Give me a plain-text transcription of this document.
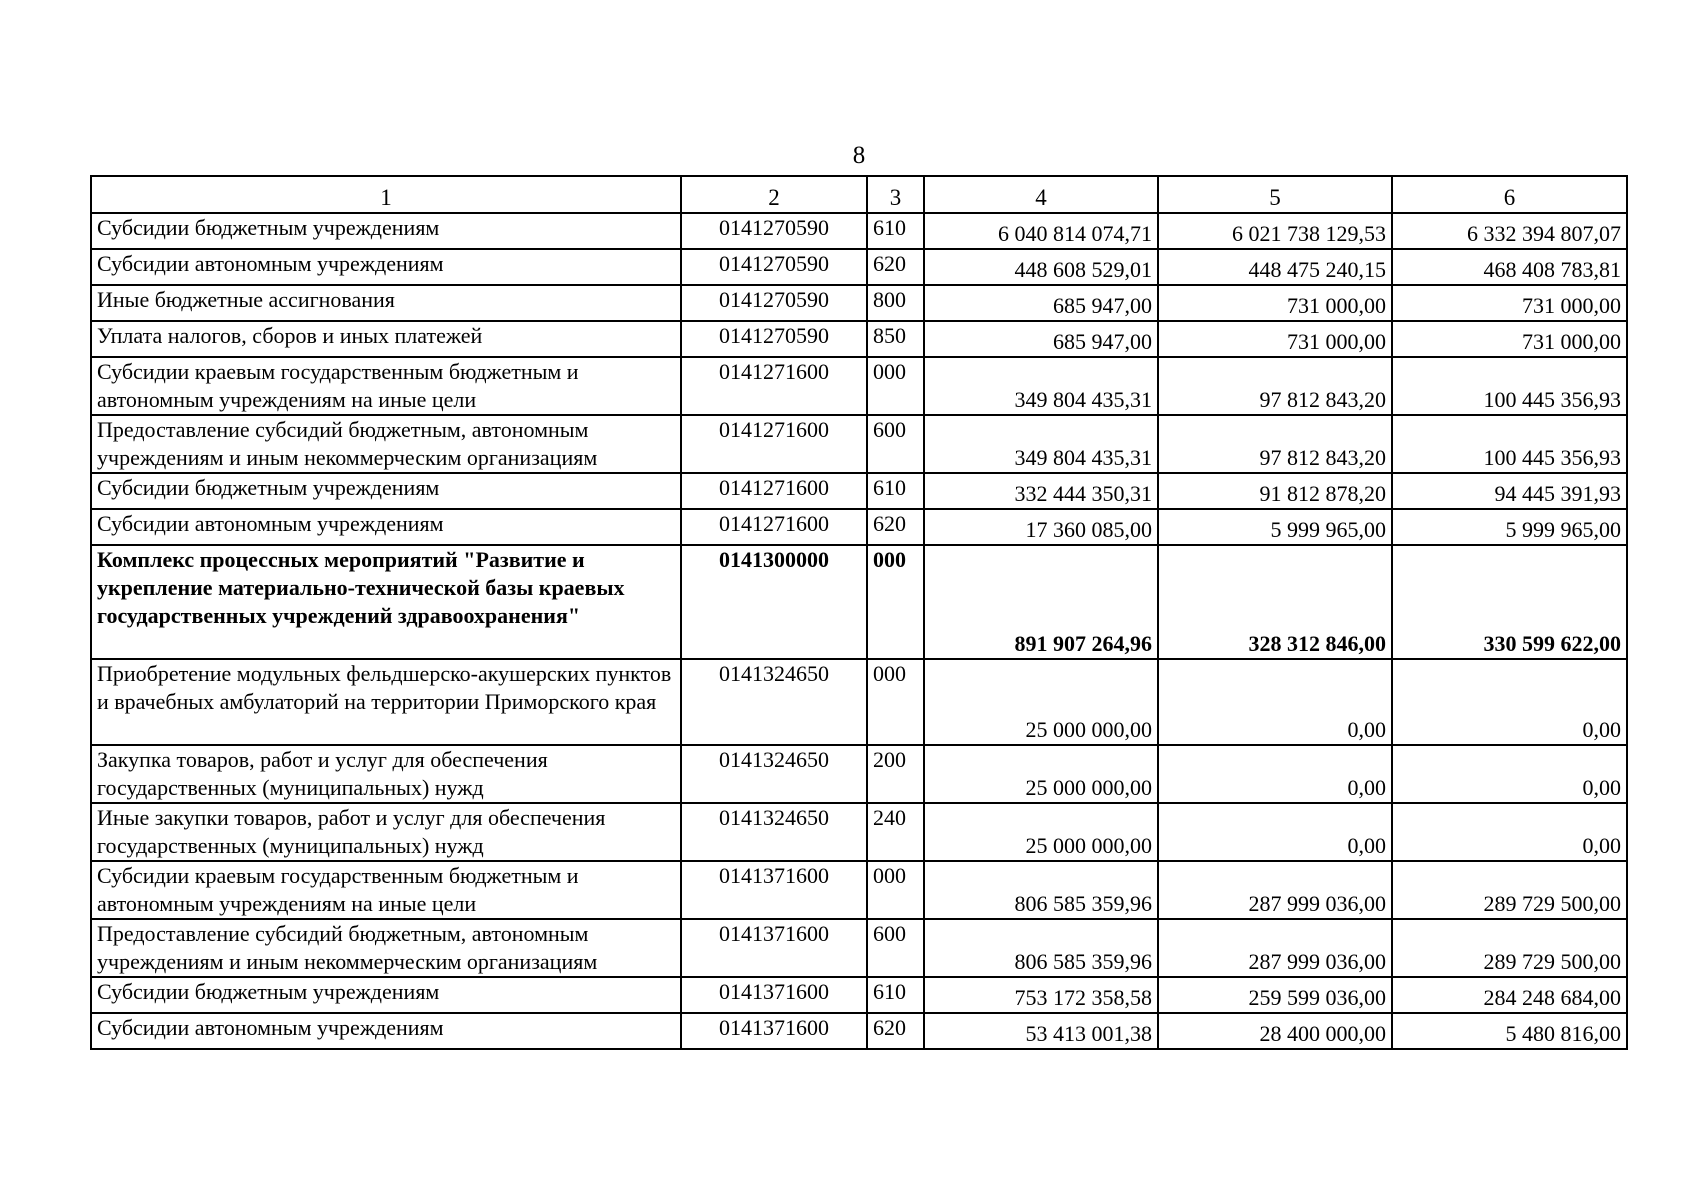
8
1	2	3	4	5	6
Субсидии бюджетным учреждениям	0141270590	610	6 040 814 074,71	6 021 738 129,53	6 332 394 807,07
Субсидии автономным учреждениям	0141270590	620	448 608 529,01	448 475 240,15	468 408 783,81
Иные бюджетные ассигнования	0141270590	800	685 947,00	731 000,00	731 000,00
Уплата налогов, сборов и иных платежей	0141270590	850	685 947,00	731 000,00	731 000,00
Субсидии краевым государственным бюджетным и автономным учреждениям на иные цели	0141271600	000	349 804 435,31	97 812 843,20	100 445 356,93
Предоставление субсидий бюджетным, автономным учреждениям и иным некоммерческим организациям	0141271600	600	349 804 435,31	97 812 843,20	100 445 356,93
Субсидии бюджетным учреждениям	0141271600	610	332 444 350,31	91 812 878,20	94 445 391,93
Субсидии автономным учреждениям	0141271600	620	17 360 085,00	5 999 965,00	5 999 965,00
Комплекс процессных мероприятий "Развитие и укрепление материально-технической базы краевых государственных учреждений здравоохранения"	0141300000	000	891 907 264,96	328 312 846,00	330 599 622,00
Приобретение модульных фельдшерско-акушерских пунктов и врачебных амбулаторий на территории Приморского края	0141324650	000	25 000 000,00	0,00	0,00
Закупка товаров, работ и услуг для обеспечения государственных (муниципальных) нужд	0141324650	200	25 000 000,00	0,00	0,00
Иные закупки товаров, работ и услуг для обеспечения государственных (муниципальных) нужд	0141324650	240	25 000 000,00	0,00	0,00
Субсидии краевым государственным бюджетным и автономным учреждениям на иные цели	0141371600	000	806 585 359,96	287 999 036,00	289 729 500,00
Предоставление субсидий бюджетным, автономным учреждениям и иным некоммерческим организациям	0141371600	600	806 585 359,96	287 999 036,00	289 729 500,00
Субсидии бюджетным учреждениям	0141371600	610	753 172 358,58	259 599 036,00	284 248 684,00
Субсидии автономным учреждениям	0141371600	620	53 413 001,38	28 400 000,00	5 480 816,00
